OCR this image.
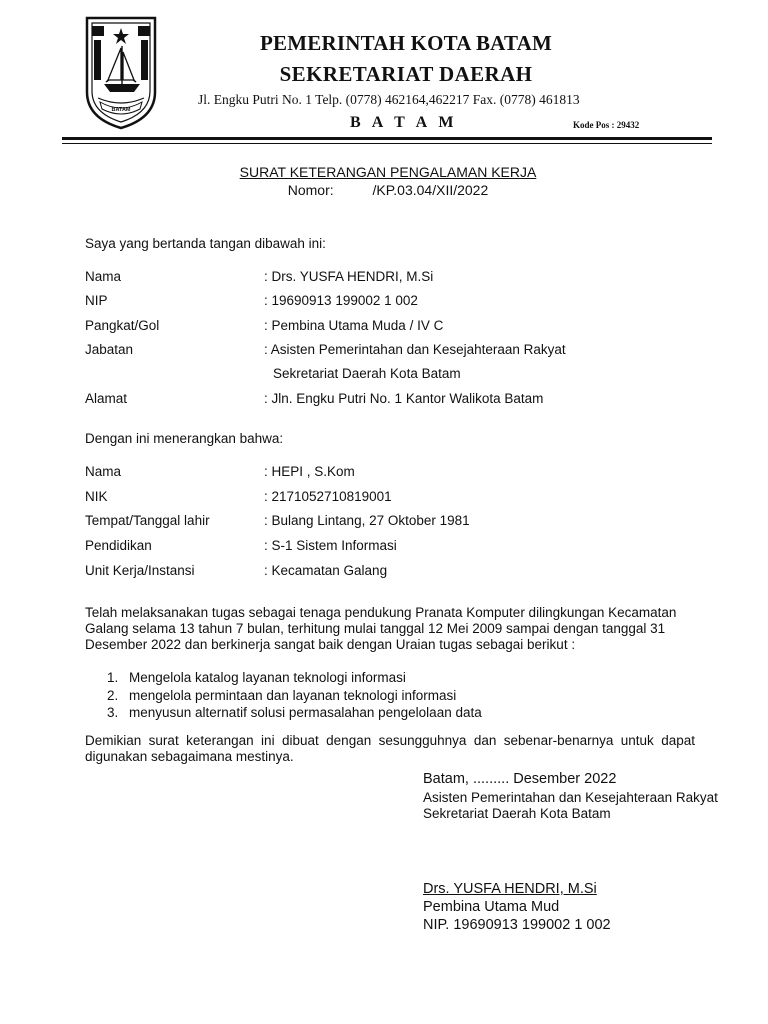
BATAM
PEMERINTAH KOTA BATAM
SEKRETARIAT DAERAH
Jl. Engku Putri No. 1 Telp. (0778) 462164,462217 Fax. (0778) 461813
B A T A M	Kode Pos : 29432
SURAT KETERANGAN PENGALAMAN KERJA
Nomor:          /KP.03.04/XII/2022
Saya yang bertanda tangan dibawah ini:
Nama	: Drs. YUSFA HENDRI, M.Si
NIP	: 19690913 199002 1 002
Pangkat/Gol	: Pembina Utama Muda / IV C
Jabatan	: Asisten Pemerintahan dan Kesejahteraan Rakyat
Sekretariat Daerah Kota Batam
Alamat	: Jln. Engku Putri No. 1 Kantor Walikota Batam
Dengan ini menerangkan bahwa:
Nama	: HEPI , S.Kom
NIK	: 2171052710819001
Tempat/Tanggal lahir	: Bulang Lintang, 27 Oktober 1981
Pendidikan	: S-1 Sistem Informasi
Unit Kerja/Instansi	: Kecamatan Galang
Telah melaksanakan tugas sebagai tenaga pendukung Pranata Komputer dilingkungan Kecamatan Galang selama 13 tahun 7 bulan, terhitung mulai tanggal 12 Mei 2009 sampai dengan tanggal 31 Desember 2022 dan berkinerja sangat baik dengan Uraian tugas sebagai berikut :
1. Mengelola katalog layanan teknologi informasi
2. mengelola permintaan dan layanan teknologi informasi
3. menyusun alternatif solusi permasalahan pengelolaan data
Demikian surat keterangan ini dibuat dengan sesungguhnya dan sebenar-benarnya untuk dapat digunakan sebagaimana mestinya.
Batam, ......... Desember 2022
Asisten Pemerintahan dan Kesejahteraan Rakyat
Sekretariat Daerah Kota Batam
Drs. YUSFA HENDRI, M.Si
Pembina Utama Mud
NIP. 19690913 199002 1 002
